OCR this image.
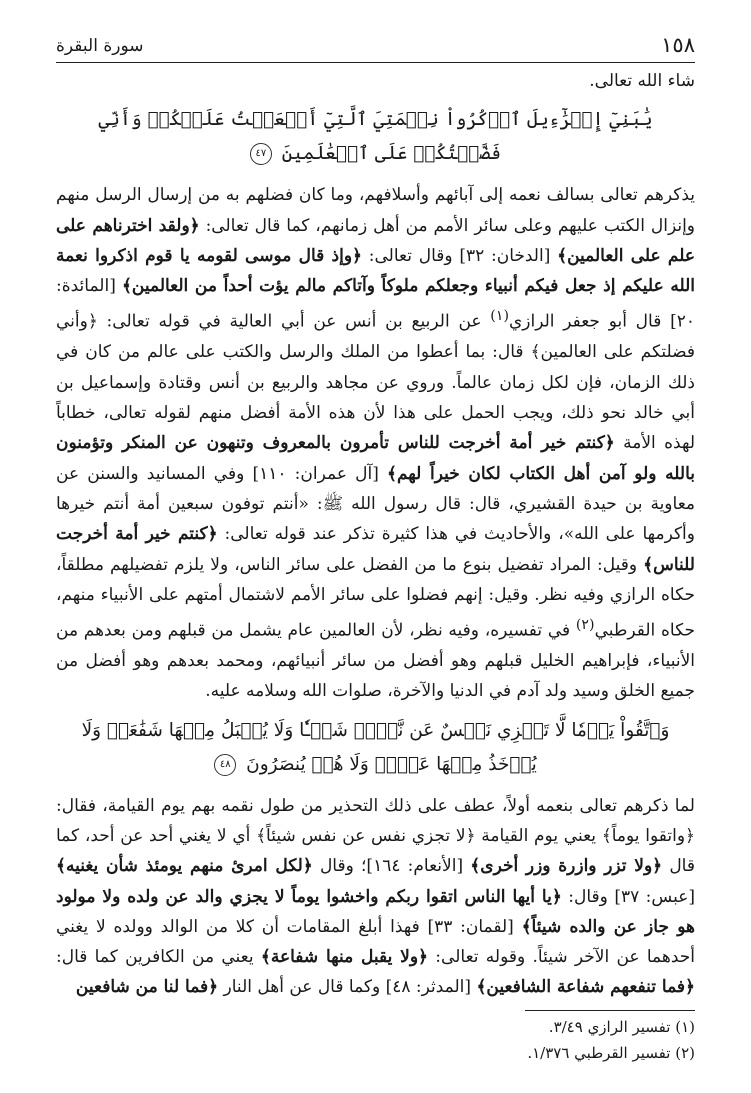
١٥٨
سورة البقرة

شاء الله تعالى.

يَٰبَنِيٓ إِسۡرَٰٓءِيلَ ٱذۡكُرُواْ نِعۡمَتِيَ ٱلَّتِيٓ أَنۡعَمۡتُ عَلَيۡكُمۡ وَأَنِّي فَضَّلۡتُكُمۡ عَلَى ٱلۡعَٰلَمِينَ ٤٧

يذكرهم تعالى بسالف نعمه إلى آبائهم وأسلافهم، وما كان فضلهم به من إرسال الرسل منهم وإنزال الكتب عليهم وعلى سائر الأمم من أهل زمانهم، كما قال تعالى: ﴿ولقد اخترناهم على علم على العالمين﴾ [الدخان: ٣٢] وقال تعالى: ﴿وإذ قال موسى لقومه يا قوم اذكروا نعمة الله عليكم إذ جعل فيكم أنبياء وجعلكم ملوكاً وآتاكم مالم يؤت أحداً من العالمين﴾ [المائدة: ٢٠] قال أبو جعفر الرازي$^{(١)}$ عن الربيع بن أنس عن أبي العالية في قوله تعالى: ﴿وأني فضلتكم على العالمين﴾ قال: بما أعطوا من الملك والرسل والكتب على عالم من كان في ذلك الزمان، فإن لكل زمان عالماً. وروي عن مجاهد والربيع بن أنس وقتادة وإسماعيل بن أبي خالد نحو ذلك، ويجب الحمل على هذا لأن هذه الأمة أفضل منهم لقوله تعالى، خطاباً لهذه الأمة ﴿كنتم خير أمة أخرجت للناس تأمرون بالمعروف وتنهون عن المنكر وتؤمنون بالله ولو آمن أهل الكتاب لكان خيراً لهم﴾ [آل عمران: ١١٠] وفي المسانيد والسنن عن معاوية بن حيدة القشيري، قال: قال رسول الله ﷺ: «أنتم توفون سبعين أمة أنتم خيرها وأكرمها على الله»، والأحاديث في هذا كثيرة تذكر عند قوله تعالى: ﴿كنتم خير أمة أخرجت للناس﴾ وقيل: المراد تفضيل بنوع ما من الفضل على سائر الناس، ولا يلزم تفضيلهم مطلقاً، حكاه الرازي وفيه نظر. وقيل: إنهم فضلوا على سائر الأمم لاشتمال أمتهم على الأنبياء منهم، حكاه القرطبي$^{(٢)}$ في تفسيره، وفيه نظر، لأن العالمين عام يشمل من قبلهم ومن بعدهم من الأنبياء، فإبراهيم الخليل قبلهم وهو أفضل من سائر أنبيائهم، ومحمد بعدهم وهو أفضل من جميع الخلق وسيد ولد آدم في الدنيا والآخرة، صلوات الله وسلامه عليه.

وَٱتَّقُواْ يَوۡمٗا لَّا تَجۡزِي نَفۡسٌ عَن نَّفۡسٖ شَيۡـٔٗا وَلَا يُقۡبَلُ مِنۡهَا شَفَٰعَةٞ وَلَا يُؤۡخَذُ مِنۡهَا عَدۡلٞ وَلَا هُمۡ يُنصَرُونَ ٤٨

لما ذكرهم تعالى بنعمه أولاً، عطف على ذلك التحذير من طول نقمه بهم يوم القيامة، فقال: ﴿واتقوا يوماً﴾ يعني يوم القيامة ﴿لا تجزي نفس عن نفس شيئاً﴾ أي لا يغني أحد عن أحد، كما قال ﴿ولا تزر وازرة وزر أخرى﴾ [الأنعام: ١٦٤]؛ وقال ﴿لكل امرئ منهم يومئذ شأن يغنيه﴾ [عبس: ٣٧] وقال: ﴿يا أيها الناس اتقوا ربكم واخشوا يوماً لا يجزي والد عن ولده ولا مولود هو جاز عن والده شيئاً﴾ [لقمان: ٣٣] فهذا أبلغ المقامات أن كلا من الوالد وولده لا يغني أحدهما عن الآخر شيئاً. وقوله تعالى: ﴿ولا يقبل منها شفاعة﴾ يعني من الكافرين كما قال: ﴿فما تنفعهم شفاعة الشافعين﴾ [المدثر: ٤٨] وكما قال عن أهل النار ﴿فما لنا من شافعين

(١) تفسير الرازي ٣/٤٩.
(٢) تفسير القرطبي ١/٣٧٦.
